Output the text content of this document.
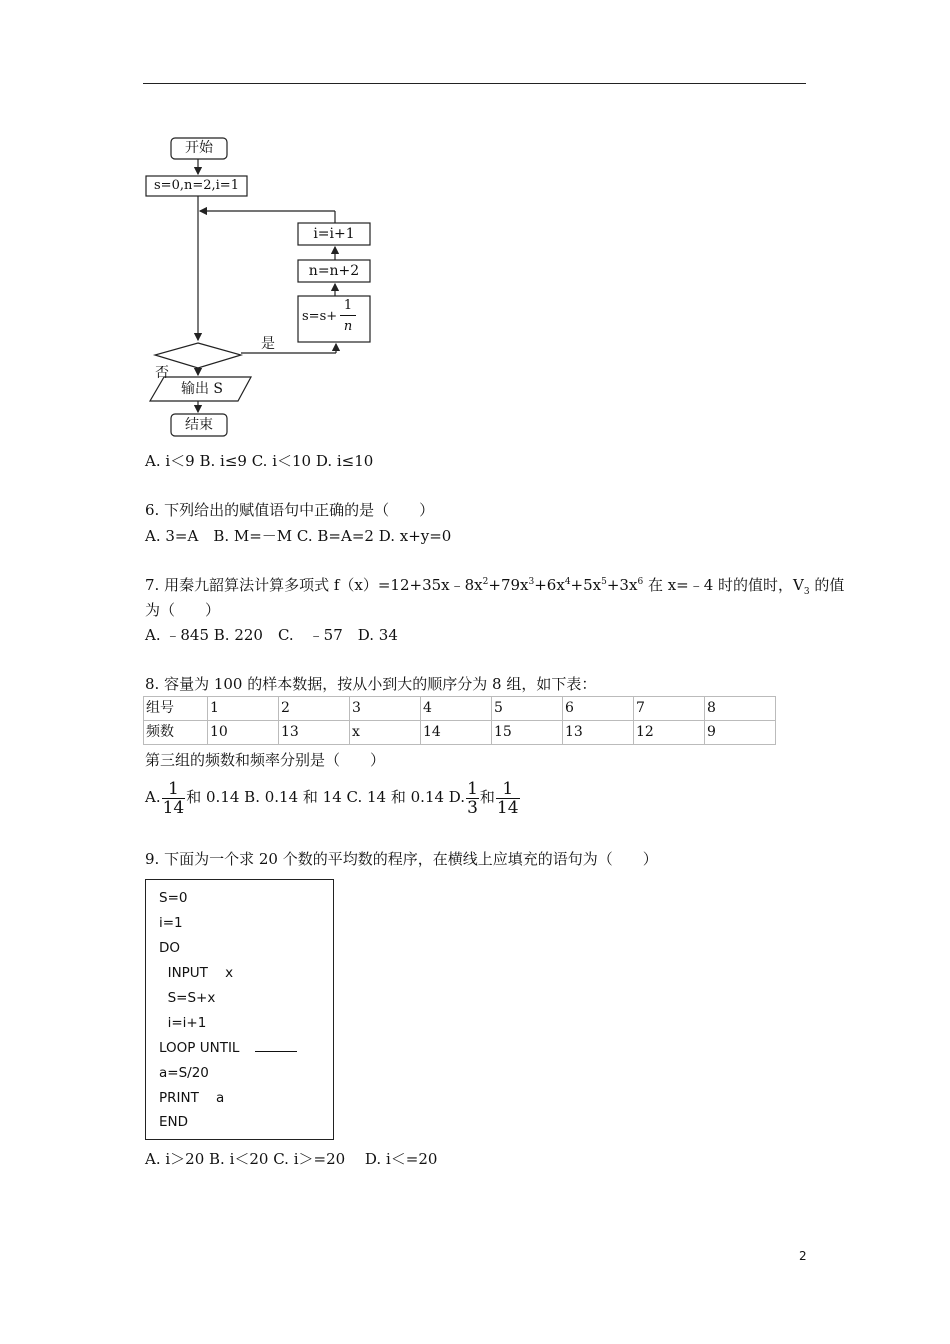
开始
s=0,n=2,i=1
i=i+1
n=n+2
s=s+
1
n
是
否
输出 S
结束
A. i＜9 B. i≤9 C. i＜10 D. i≤10
6. 下列给出的赋值语句中正确的是（　　）
A. 3=A　B. M=－M C. B=A=2 D. x+y=0
7. 用秦九韶算法计算多项式 $f(x)=12+35x﹣8x^2+79x^3+6x^4+5x^5+3x^6$ 在 x=﹣4 时的值时，$V_3$ 的值
为（　　）
A. ﹣845 B. 220　C.　﹣57　D. 34
8. 容量为 100 的样本数据，按从小到大的顺序分为 8 组，如下表：
组号	1	2	3	4	5	6	7	8
频数	10	13	x	14	15	13	12	9
第三组的频数和频率分别是（　　）
A. $\frac{1}{14}$ 和 0.14 B. 0.14 和 14 C. 14 和 0.14 D. $\frac{1}{3}$ 和 $\frac{1}{14}$
9. 下面为一个求 20 个数的平均数的程序，在横线上应填充的语句为（　　）
S=0
i=1
DO
INPUT    x
S=S+x
i=i+1
LOOP UNTIL
a=S/20
PRINT    a
END
A. i＞20 B. i＜20 C. i＞=20　 D. i＜=20
2
